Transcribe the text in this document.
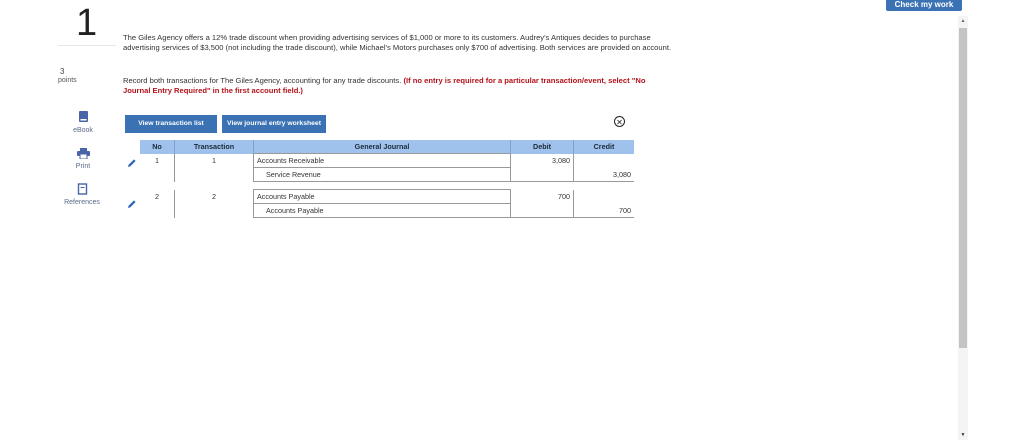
Check my work
▲
▼
1
3
points
eBook
Print
References
The Giles Agency offers a 12% trade discount when providing advertising services of $1,000 or more to its customers. Audrey's Antiques decides to purchase advertising services of $3,500 (not including the trade discount), while Michael's Motors purchases only $700 of advertising. Both services are provided on account.
Record both transactions for The Giles Agency, accounting for any trade discounts. (If no entry is required for a particular transaction/event, select "No Journal Entry Required" in the first account field.)
View transaction list	View journal entry worksheet	✕
No	Transaction	General Journal	Debit	Credit
1	1	Accounts Receivable	3,080	
		Service Revenue		3,080

2	2	Accounts Payable	700	
		Accounts Payable		700
